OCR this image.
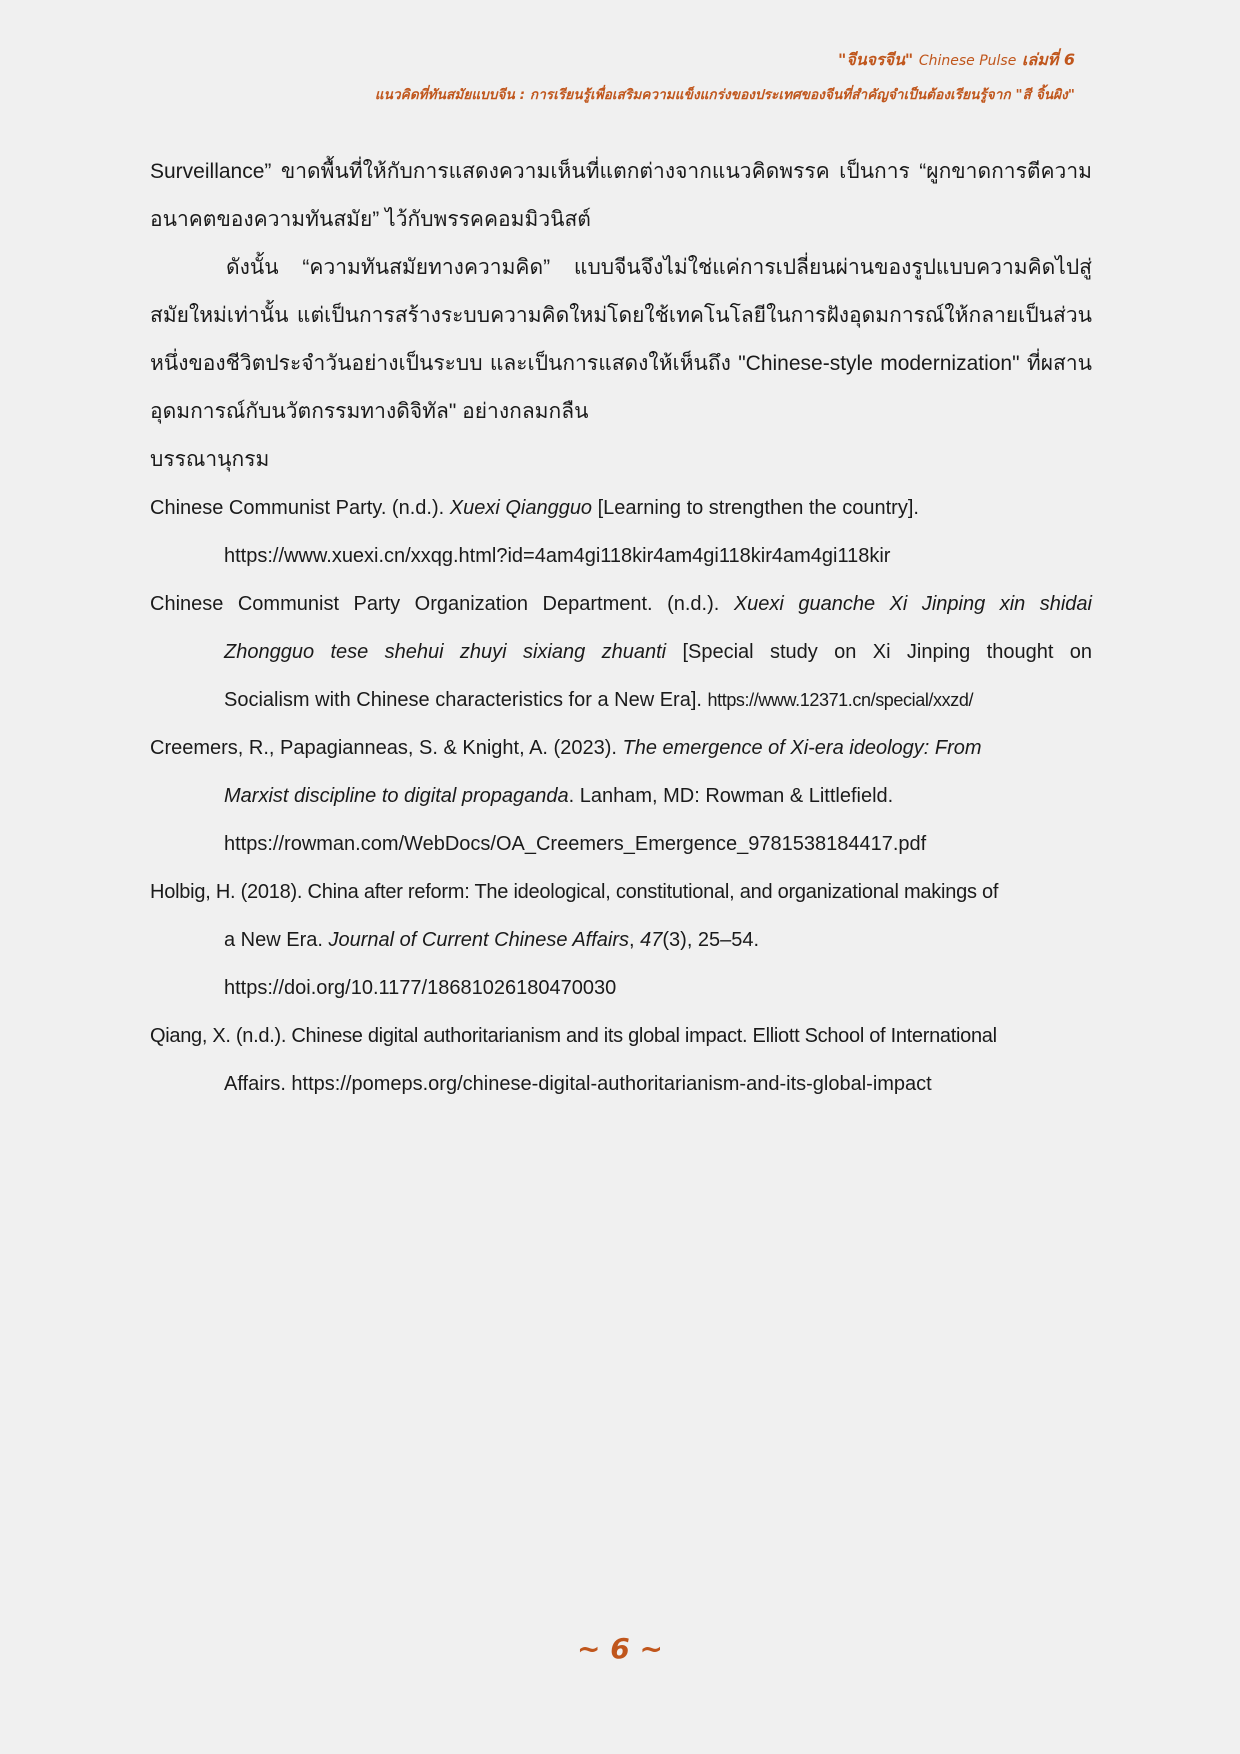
"จีนจรจีน" Chinese Pulse เล่มที่ 6
แนวคิดที่ทันสมัยแบบจีน : การเรียนรู้เพื่อเสริมความแข็งแกร่งของประเทศของจีนที่สำคัญจำเป็นต้องเรียนรู้จาก "สี จิ้นผิง"

Surveillance” ขาดพื้นที่ให้กับการแสดงความเห็นที่แตกต่างจากแนวคิดพรรค เป็นการ “ผูกขาดการตีความอนาคตของความทันสมัย” ไว้กับพรรคคอมมิวนิสต์

ดังนั้น “ความทันสมัยทางความคิด” แบบจีนจึงไม่ใช่แค่การเปลี่ยนผ่านของรูปแบบความคิดไปสู่สมัยใหม่เท่านั้น แต่เป็นการสร้างระบบความคิดใหม่โดยใช้เทคโนโลยีในการฝังอุดมการณ์ให้กลายเป็นส่วนหนึ่งของชีวิตประจำวันอย่างเป็นระบบ และเป็นการแสดงให้เห็นถึง "Chinese-style modernization" ที่ผสานอุดมการณ์กับนวัตกรรมทางดิจิทัล" อย่างกลมกลืน

บรรณานุกรม

Chinese Communist Party. (n.d.). Xuexi Qiangguo [Learning to strengthen the country].
https://www.xuexi.cn/xxqg.html?id=4am4gi118kir4am4gi118kir4am4gi118kir
Chinese Communist Party Organization Department. (n.d.). Xuexi guanche Xi Jinping xin shidai
Zhongguo tese shehui zhuyi sixiang zhuanti [Special study on Xi Jinping thought on
Socialism with Chinese characteristics for a New Era]. https://www.12371.cn/special/xxzd/
Creemers, R., Papagianneas, S. & Knight, A. (2023). The emergence of Xi-era ideology: From
Marxist discipline to digital propaganda. Lanham, MD: Rowman & Littlefield.
https://rowman.com/WebDocs/OA_Creemers_Emergence_9781538184417.pdf
Holbig, H. (2018). China after reform: The ideological, constitutional, and organizational makings of
a New Era. Journal of Current Chinese Affairs, 47(3), 25–54.
https://doi.org/10.1177/18681026180470030
Qiang, X. (n.d.). Chinese digital authoritarianism and its global impact. Elliott School of International
Affairs. https://pomeps.org/chinese-digital-authoritarianism-and-its-global-impact
~ 6 ~
